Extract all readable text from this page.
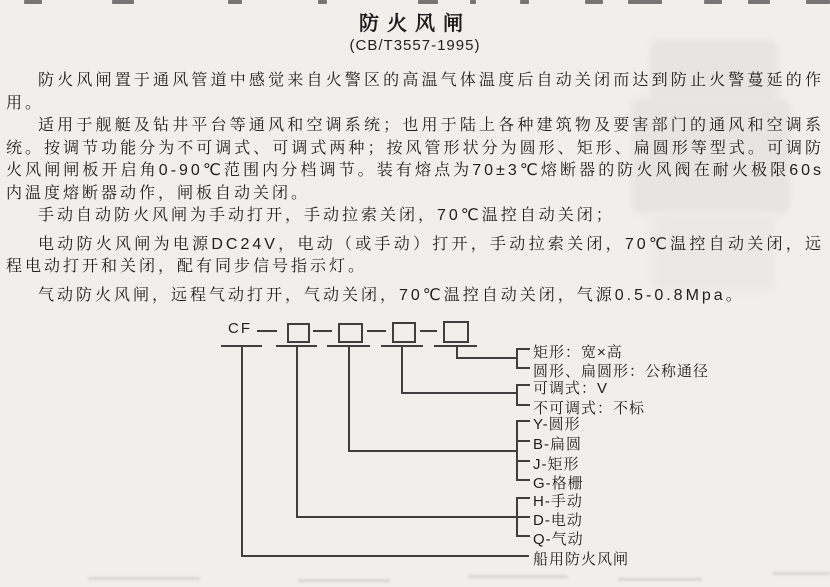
防火风闸
(CB/T3557-1995)

防火风闸置于通风管道中感觉来自火警区的高温气体温度后自动关闭而达到防止火警蔓延的作用。

适用于舰艇及钻井平台等通风和空调系统；也用于陆上各种建筑物及要害部门的通风和空调系统。按调节功能分为不可调式、可调式两种；按风管形状分为圆形、矩形、扁圆形等型式。可调防火风闸闸板开启角0-90℃范围内分档调节。装有熔点为70±3℃熔断器的防火风阀在耐火极限60s内温度熔断器动作，闸板自动关闭。

手动自动防火风闸为手动打开，手动拉索关闭，70℃温控自动关闭；

电动防火风闸为电源DC24V，电动（或手动）打开，手动拉索关闭，70℃温控自动关闭，远程电动打开和关闭，配有同步信号指示灯。

气动防火风闸，远程气动打开，气动关闭，70℃温控自动关闭，气源0.5-0.8Mpa。

CF
矩形：宽×高
圆形、扁圆形：公称通径
可调式：V
不可调式：不标
Y-圆形
B-扁圆
J-矩形
G-格栅
H-手动
D-电动
Q-气动
船用防火风闸
